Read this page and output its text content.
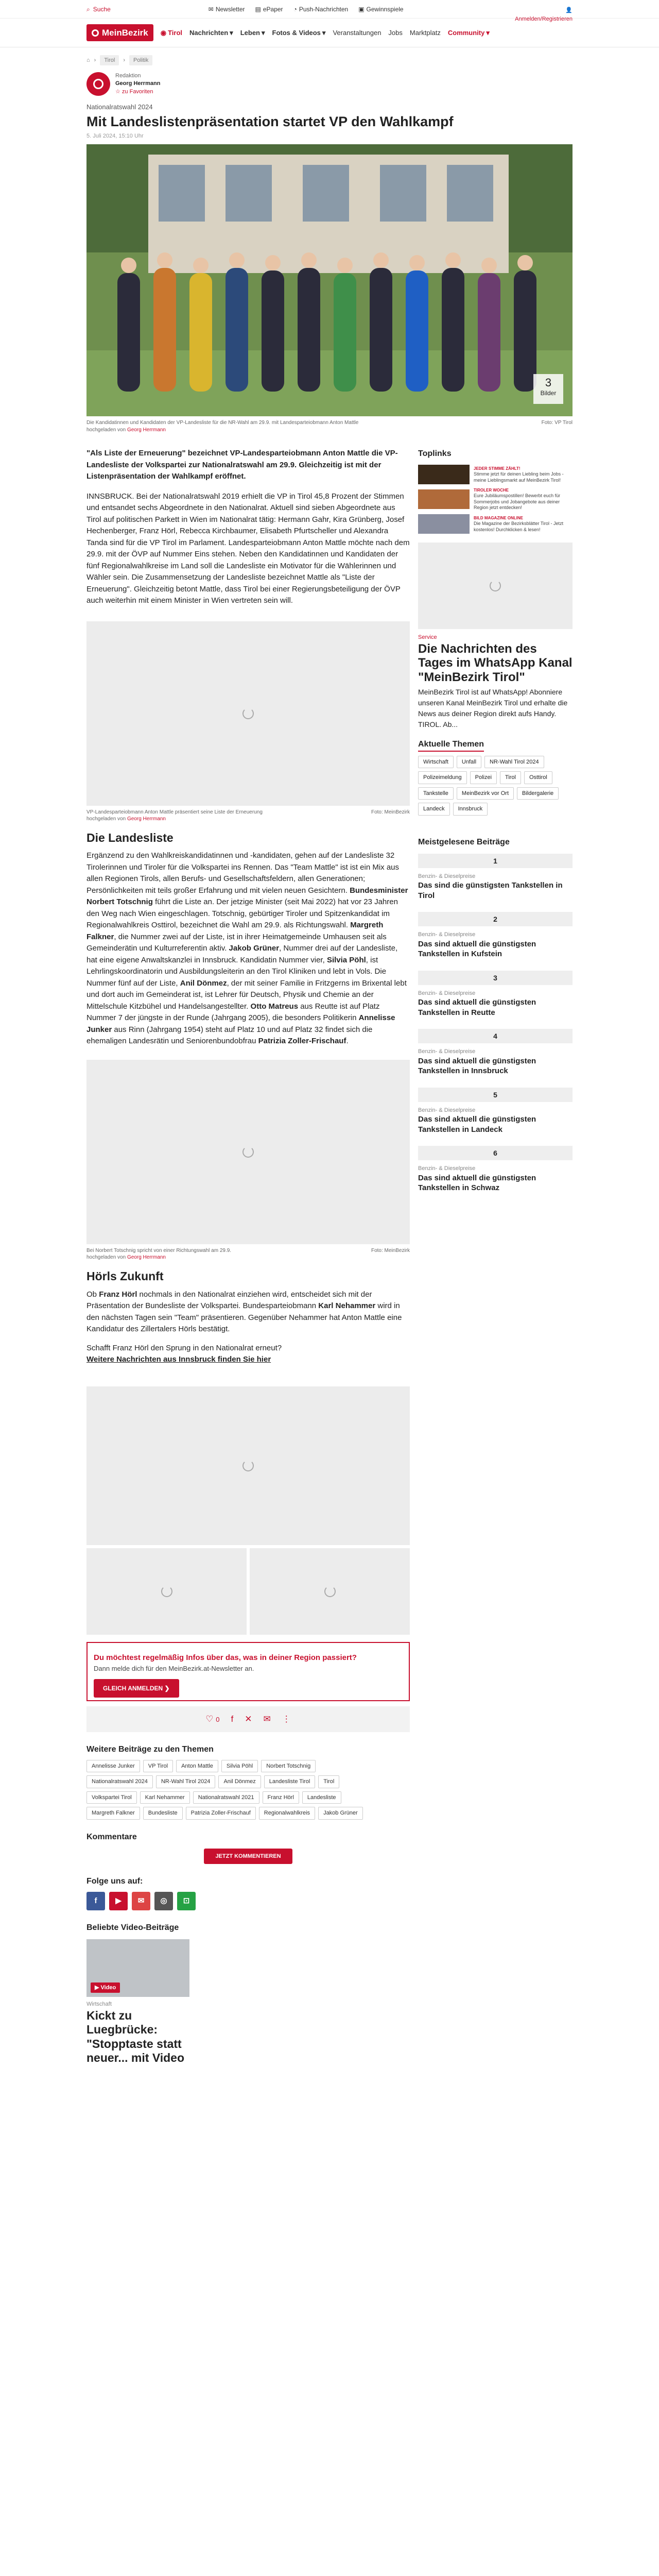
⌕ Suche	✉ Newsletter ▤ ePaper ◔ Push-Nachrichten ▣ Gewinnspiele	👤
Anmelden/Registrieren
MeinBezirk ◉ Tirol Nachrichten ▾ Leben ▾ Fotos & Videos ▾ Veranstaltungen Jobs Marktplatz Community ▾
⌂ ›	Tirol	›	Politik
Redaktion
Georg Herrmann
☆ zu Favoriten
Nationalratswahl 2024
Mit Landeslistenpräsentation startet VP den Wahlkampf
5. Juli 2024, 15:10 Uhr
3
Bilder
Die Kandidatinnen und Kandidaten der VP-Landesliste für die NR-Wahl am 29.9. mit Landesparteiobmann Anton Mattle
hochgeladen von Georg Herrmann
Foto: VP Tirol
"Als Liste der Erneuerung" bezeichnet VP-Landesparteiobmann Anton Mattle die VP-Landesliste der Volkspartei zur Nationalratswahl am 29.9. Gleichzeitig ist mit der Listenpräsentation der Wahlkampf eröffnet.
INNSBRUCK. Bei der Nationalratswahl 2019 erhielt die VP in Tirol 45,8 Prozent der Stimmen und entsandet sechs Abgeordnete in den Nationalrat. Aktuell sind sieben Abgeordnete aus Tirol auf politischen Parkett in Wien im Nationalrat tätig: Hermann Gahr, Kira Grünberg, Josef Hechenberger, Franz Hörl, Rebecca Kirchbaumer, Elisabeth Pfurtscheller und Alexandra Tanda sind für die VP Tirol im Parlament. Landesparteiobmann Anton Mattle möchte nach dem 29.9. mit der ÖVP auf Nummer Eins stehen. Neben den Kandidatinnen und Kandidaten der fünf Regionalwahlkreise im Land soll die Landesliste ein Motivator für die Wählerinnen und Wähler sein. Die Zusammensetzung der Landesliste bezeichnet Mattle als "Liste der Erneuerung". Gleichzeitig betont Mattle, dass Tirol bei einer Regierungsbeteiligung der ÖVP auch weiterhin mit einem Minister in Wien vertreten sein will.
VP-Landesparteiobmann Anton Mattle präsentiert seine Liste der Erneuerung
hochgeladen von Georg Herrmann
Foto: MeinBezirk
Die Landesliste
Ergänzend zu den Wahlkreiskandidatinnen und -kandidaten, gehen auf der Landesliste 32 Tirolerinnen und Tiroler für die Volkspartei ins Rennen. Das "Team Mattle" ist ist ein Mix aus allen Regionen Tirols, allen Berufs- und Gesellschaftsfeldern, allen Generationen; Persönlichkeiten mit teils großer Erfahrung und mit vielen neuen Gesichtern. Bundesminister Norbert Totschnig führt die Liste an. Der jetzige Minister (seit Mai 2022) hat vor 23 Jahren den Weg nach Wien eingeschlagen. Totschnig, gebürtiger Tiroler und Spitzenkandidat im Regionalwahlkreis Osttirol, bezeichnet die Wahl am 29.9. als Richtungswahl. Margreth Falkner, die Nummer zwei auf der Liste, ist in ihrer Heimatgemeinde Umhausen seit als Gemeinderätin und Kulturreferentin aktiv. Jakob Grüner, Nummer drei auf der Landesliste, hat eine eigene Anwaltskanzlei in Innsbruck. Kandidatin Nummer vier, Silvia Pöhl, ist Lehrlingskoordinatorin und Ausbildungsleiterin an den Tirol Kliniken und lebt in Vols. Die Nummer fünf auf der Liste, Anil Dönmez, der mit seiner Familie in Fritzgerns im Brixental lebt und dort auch im Gemeinderat ist, ist Lehrer für Deutsch, Physik und Chemie an der Mittelschule Kitzbühel und Handelsangestellter. Otto Matreus aus Reutte ist auf Platz Nummer 7 der jüngste in der Runde (Jahrgang 2005), die besonders Politikerin Annelisse Junker aus Rinn (Jahrgang 1954) steht auf Platz 10 und auf Platz 32 findet sich die ehemaligen Landesrätin und Seniorenbundobfrau Patrizia Zoller-Frischauf.
Bei Norbert Totschnig spricht von einer Richtungswahl am 29.9.
hochgeladen von Georg Herrmann
Foto: MeinBezirk
Hörls Zukunft
Ob Franz Hörl nochmals in den Nationalrat einziehen wird, entscheidet sich mit der Präsentation der Bundesliste der Volkspartei. Bundesparteiobmann Karl Nehammer wird in den nächsten Tagen sein "Team" präsentieren. Gegenüber Nehammer hat Anton Mattle eine Kandidatur des Zillertalers Hörls bestätigt.
Schafft Franz Hörl den Sprung in den Nationalrat erneut?
Weitere Nachrichten aus Innsbruck finden Sie hier
Du möchtest regelmäßig Infos über das, was in deiner Region passiert?
Dann melde dich für den MeinBezirk.at-Newsletter an.
GLEICH ANMELDEN ❯
♡ 0 f ✕ ✉ ⋮
Weitere Beiträge zu den Themen
Annelisse Junker	VP Tirol	Anton Mattle	Silvia Pöhl	Norbert Totschnig
Nationalratswahl 2024	NR-Wahl Tirol 2024	Anil Dönmez	Landesliste Tirol	Tirol
Volkspartei Tirol	Karl Nehammer	Nationalratswahl 2021	Franz Hörl	Landesliste
Margreth Falkner	Bundesliste	Patrizia Zoller-Frischauf	Regionalwahlkreis	Jakob Grüner
Kommentare
JETZT KOMMENTIEREN
Folge uns auf:
f	▶	✉	◎	⊡
Beliebte Video-Beiträge
▶ Video
Wirtschaft
Kickt zu Luegbrücke: "Stopptaste statt neuer... mit Video
Toplinks
JEDER STIMME ZÄHLT!
Stimme jetzt für deinen Liebling beim Jobs - meine Lieblingsmarkt auf MeinBezirk Tirol!
TIROLER WOCHE
Eure Jubiläumspostillen! Bewerbt euch für Sommerjobs und Jobangebote aus deiner Region jetzt entdecken!
BILD MAGAZINE ONLINE
Die Magazine der Bezirksblätter Tirol - Jetzt kostenlos! Durchklicken & lesen!
Service
Die Nachrichten des Tages im WhatsApp Kanal "MeinBezirk Tirol"
MeinBezirk Tirol ist auf WhatsApp! Abonniere unseren Kanal MeinBezirk Tirol und erhalte die News aus deiner Region direkt aufs Handy. TIROL. Ab...
Aktuelle Themen
Wirtschaft	Unfall	NR-Wahl Tirol 2024
Polizeimeldung	Polizei	Tirol	Osttirol
Tankstelle	MeinBezirk vor Ort	Bildergalerie
Landeck	Innsbruck
Meistgelesene Beiträge
1
Benzin- & Dieselpreise
Das sind die günstigsten Tankstellen in Tirol
2
Benzin- & Dieselpreise
Das sind aktuell die günstigsten Tankstellen in Kufstein
3
Benzin- & Dieselpreise
Das sind aktuell die günstigsten Tankstellen in Reutte
4
Benzin- & Dieselpreise
Das sind aktuell die günstigsten Tankstellen in Innsbruck
5
Benzin- & Dieselpreise
Das sind aktuell die günstigsten Tankstellen in Landeck
6
Benzin- & Dieselpreise
Das sind aktuell die günstigsten Tankstellen in Schwaz
